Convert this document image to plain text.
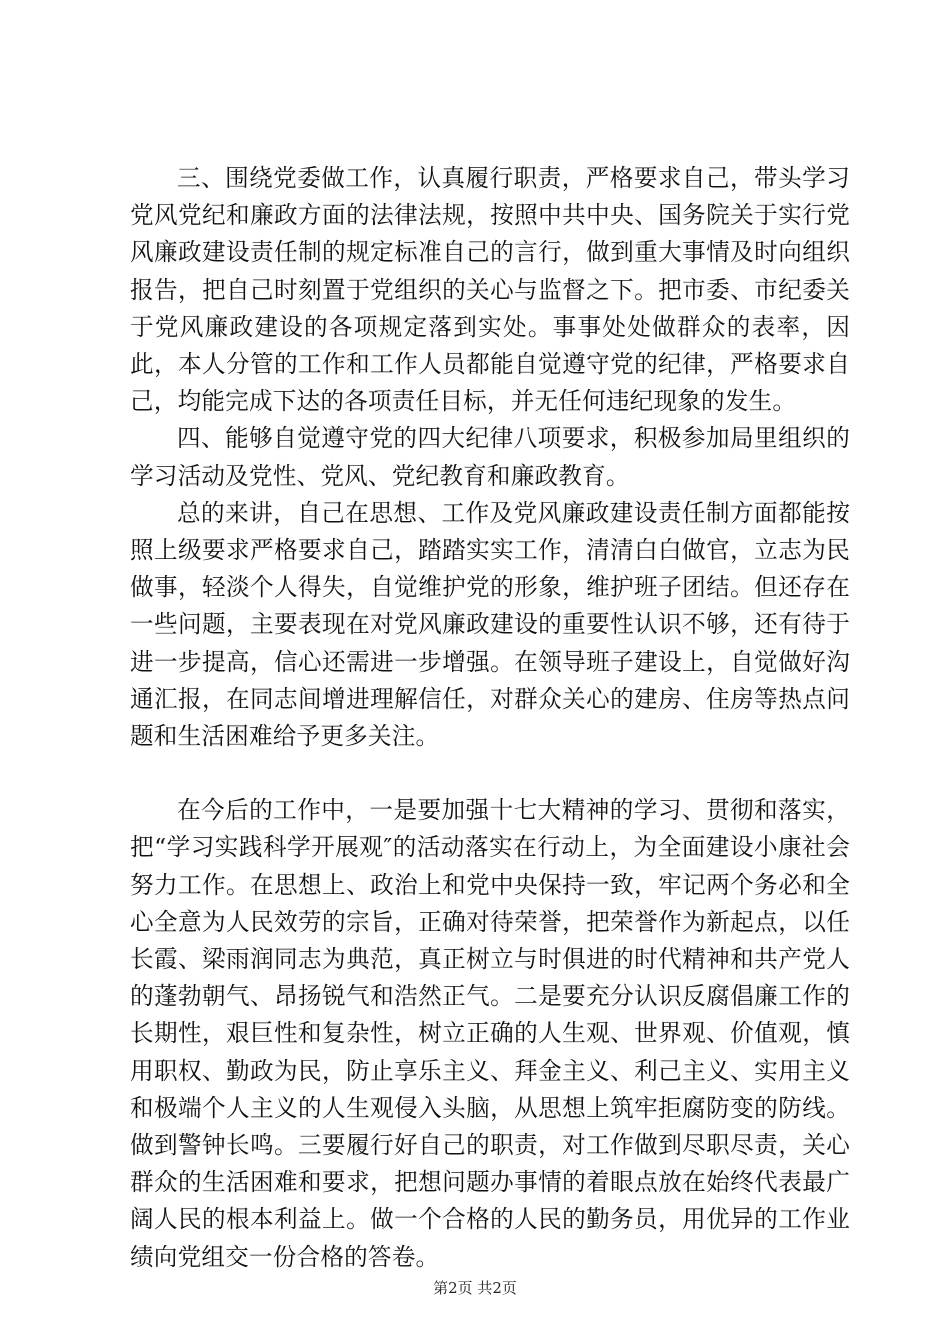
三、围绕党委做工作，认真履行职责，严格要求自己，带头学习党风党纪和廉政方面的法律法规，按照中共中央、国务院关于实行党风廉政建设责任制的规定标准自己的言行，做到重大事情及时向组织报告，把自己时刻置于党组织的关心与监督之下。把市委、市纪委关于党风廉政建设的各项规定落到实处。事事处处做群众的表率，因此，本人分管的工作和工作人员都能自觉遵守党的纪律，严格要求自己，均能完成下达的各项责任目标，并无任何违纪现象的发生。

四、能够自觉遵守党的四大纪律八项要求，积极参加局里组织的学习活动及党性、党风、党纪教育和廉政教育。

总的来讲，自己在思想、工作及党风廉政建设责任制方面都能按照上级要求严格要求自己，踏踏实实工作，清清白白做官，立志为民做事，轻淡个人得失，自觉维护党的形象，维护班子团结。但还存在一些问题，主要表现在对党风廉政建设的重要性认识不够，还有待于进一步提高，信心还需进一步增强。在领导班子建设上，自觉做好沟通汇报，在同志间增进理解信任，对群众关心的建房、住房等热点问题和生活困难给予更多关注。

在今后的工作中，一是要加强十七大精神的学习、贯彻和落实，把“学习实践科学开展观″的活动落实在行动上，为全面建设小康社会努力工作。在思想上、政治上和党中央保持一致，牢记两个务必和全心全意为人民效劳的宗旨，正确对待荣誉，把荣誉作为新起点，以任长霞、梁雨润同志为典范，真正树立与时俱进的时代精神和共产党人的蓬勃朝气、昂扬锐气和浩然正气。二是要充分认识反腐倡廉工作的长期性，艰巨性和复杂性，树立正确的人生观、世界观、价值观，慎用职权、勤政为民，防止享乐主义、拜金主义、利己主义、实用主义和极端个人主义的人生观侵入头脑，从思想上筑牢拒腐防变的防线。做到警钟长鸣。三要履行好自己的职责，对工作做到尽职尽责，关心群众的生活困难和要求，把想问题办事情的着眼点放在始终代表最广阔人民的根本利益上。做一个合格的人民的勤务员，用优异的工作业绩向党组交一份合格的答卷。

第2页 共2页
